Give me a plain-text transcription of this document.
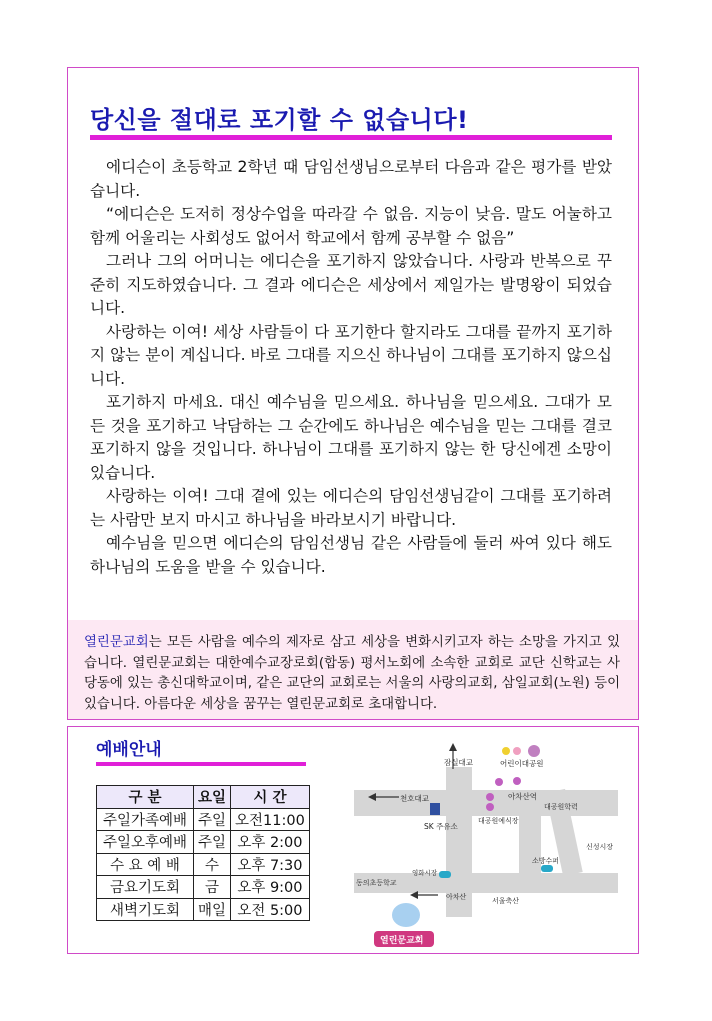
당신을 절대로 포기할 수 없습니다!

에디슨이 초등학교 2학년 때 담임선생님으로부터 다음과 같은 평가를 받았습니다.

“에디슨은 도저히 정상수업을 따라갈 수 없음. 지능이 낮음. 말도 어눌하고 함께 어울리는 사회성도 없어서 학교에서 함께 공부할 수 없음”

그러나 그의 어머니는 에디슨을 포기하지 않았습니다. 사랑과 반복으로 꾸준히 지도하였습니다. 그 결과 에디슨은 세상에서 제일가는 발명왕이 되었습니다.

사랑하는 이여! 세상 사람들이 다 포기한다 할지라도 그대를 끝까지 포기하지 않는 분이 계십니다. 바로 그대를 지으신 하나님이 그대를 포기하지 않으십니다.

포기하지 마세요. 대신 예수님을 믿으세요. 하나님을 믿으세요. 그대가 모든 것을 포기하고 낙담하는 그 순간에도 하나님은 예수님을 믿는 그대를 결코 포기하지 않을 것입니다. 하나님이 그대를 포기하지 않는 한 당신에겐 소망이 있습니다.

사랑하는 이여! 그대 곁에 있는 에디슨의 담임선생님같이 그대를 포기하려는 사람만 보지 마시고 하나님을 바라보시기 바랍니다.

예수님을 믿으면 에디슨의 담임선생님 같은 사람들에 둘러 싸여 있다 해도 하나님의 도움을 받을 수 있습니다.

열린문교회는 모든 사람을 예수의 제자로 삼고 세상을 변화시키고자 하는 소망을 가지고 있습니다. 열린문교회는 대한예수교장로회(합동) 평서노회에 소속한 교회로 교단 신학교는 사당동에 있는 총신대학교이며, 같은 교단의 교회로는 서울의 사랑의교회, 삼일교회(노원) 등이 있습니다. 아름다운 세상을 꿈꾸는 열린문교회로 초대합니다.

예배안내
구 분	요일	시 간
주일가족예배	주일	오전11:00
주일오후예배	주일	오후 2:00
수 요 예 배	수	오후 7:30
금요기도회	금	오후 9:00
새벽기도회	매일	오전 5:00
잠실대교	어린이대공원
천호대교	아차산역
SK 주유소
대공원예식장
대공원학력
신성시장
소방수퍼
동의초등학교
영화시장
아차산	서울축산
열린문교회
